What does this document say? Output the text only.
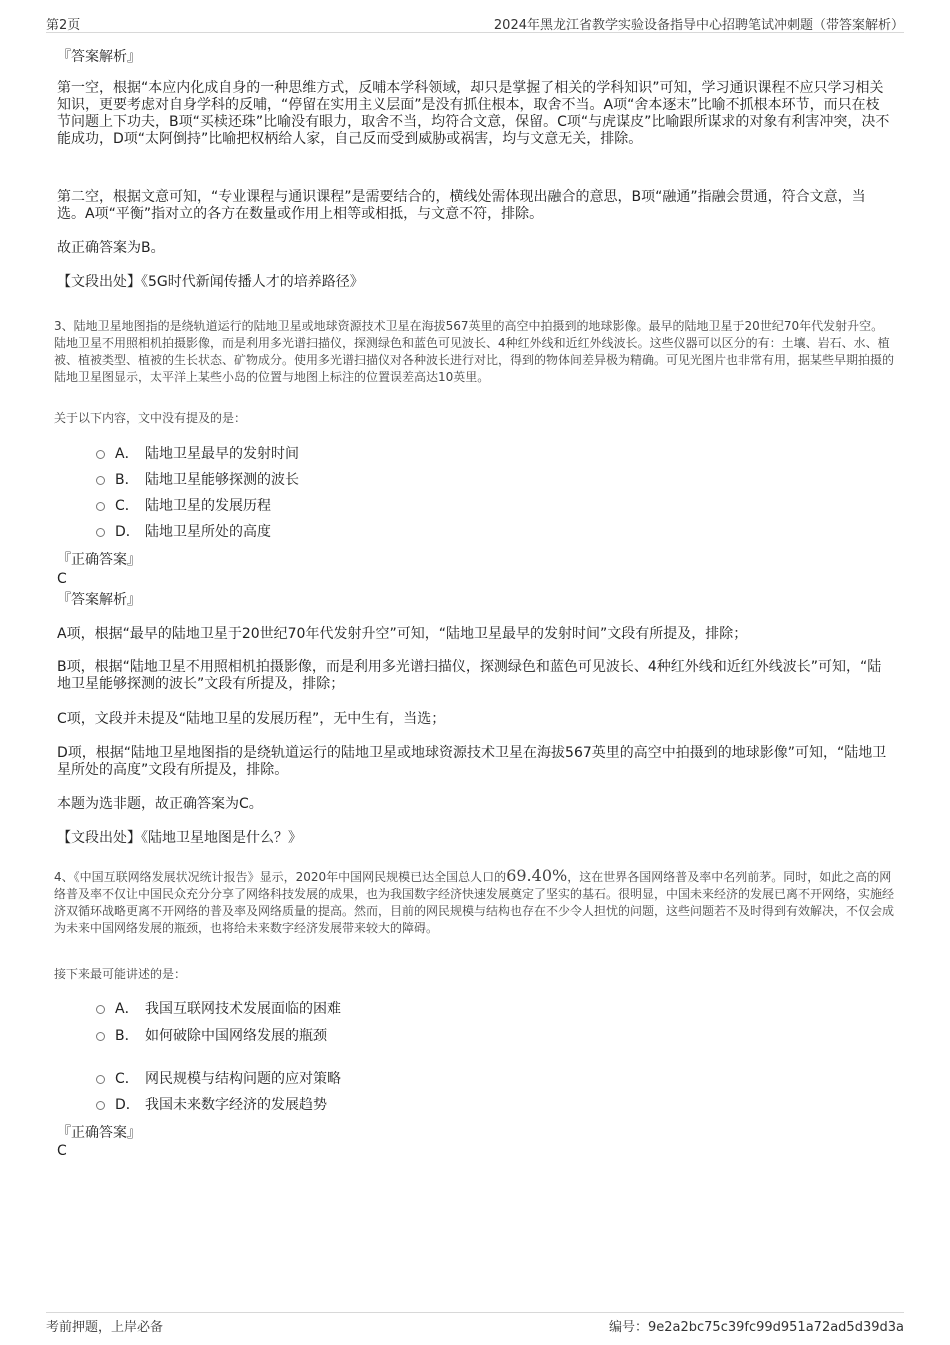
第2页	2024年黑龙江省教学实验设备指导中心招聘笔试冲刺题（带答案解析）
『答案解析』

第一空，根据“本应内化成自身的一种思维方式，反哺本学科领域，却只是掌握了相关的学科知识”可知，学习通识课程不应只学习相关知识，更要考虑对自身学科的反哺，“停留在实用主义层面”是没有抓住根本，取舍不当。A项“舍本逐末”比喻不抓根本环节，而只在枝节问题上下功夫，B项“买椟还珠”比喻没有眼力，取舍不当，均符合文意，保留。C项“与虎谋皮”比喻跟所谋求的对象有利害冲突，决不能成功，D项“太阿倒持”比喻把权柄给人家，自己反而受到威胁或祸害，均与文意无关，排除。

第二空，根据文意可知，“专业课程与通识课程”是需要结合的，横线处需体现出融合的意思，B项“融通”指融会贯通，符合文意，当选。A项“平衡”指对立的各方在数量或作用上相等或相抵，与文意不符，排除。

故正确答案为B。

【文段出处】《5G时代新闻传播人才的培养路径》

3、陆地卫星地图指的是绕轨道运行的陆地卫星或地球资源技术卫星在海拔567英里的高空中拍摄到的地球影像。最早的陆地卫星于20世纪70年代发射升空。陆地卫星不用照相机拍摄影像，而是利用多光谱扫描仪，探测绿色和蓝色可见波长、4种红外线和近红外线波长。这些仪器可以区分的有：土壤、岩石、水、植被、植被类型、植被的生长状态、矿物成分。使用多光谱扫描仪对各种波长进行对比，得到的物体间差异极为精确。可见光图片也非常有用，据某些早期拍摄的陆地卫星图显示，太平洋上某些小岛的位置与地图上标注的位置误差高达10英里。

关于以下内容，文中没有提及的是：

A． 陆地卫星最早的发射时间
B． 陆地卫星能够探测的波长
C． 陆地卫星的发展历程
D． 陆地卫星所处的高度
『正确答案』
C
『答案解析』

A项，根据“最早的陆地卫星于20世纪70年代发射升空”可知，“陆地卫星最早的发射时间”文段有所提及，排除；

B项，根据“陆地卫星不用照相机拍摄影像，而是利用多光谱扫描仪，探测绿色和蓝色可见波长、4种红外线和近红外线波长”可知，“陆地卫星能够探测的波长”文段有所提及，排除；

C项，文段并未提及“陆地卫星的发展历程”，无中生有，当选；

D项，根据“陆地卫星地图指的是绕轨道运行的陆地卫星或地球资源技术卫星在海拔567英里的高空中拍摄到的地球影像”可知，“陆地卫星所处的高度”文段有所提及，排除。

本题为选非题，故正确答案为C。

【文段出处】《陆地卫星地图是什么？》

4、《中国互联网络发展状况统计报告》显示，2020年中国网民规模已达全国总人口的69.40%，这在世界各国网络普及率中名列前茅。同时，如此之高的网络普及率不仅让中国民众充分分享了网络科技发展的成果，也为我国数字经济快速发展奠定了坚实的基石。很明显，中国未来经济的发展已离不开网络，实施经济双循环战略更离不开网络的普及率及网络质量的提高。然而，目前的网民规模与结构也存在不少令人担忧的问题，这些问题若不及时得到有效解决，不仅会成为未来中国网络发展的瓶颈，也将给未来数字经济发展带来较大的障碍。

接下来最可能讲述的是：

A． 我国互联网技术发展面临的困难
B． 如何破除中国网络发展的瓶颈
C． 网民规模与结构问题的应对策略
D． 我国未来数字经济的发展趋势
『正确答案』
C
考前押题，上岸必备	编号：9e2a2bc75c39fc99d951a72ad5d39d3a
